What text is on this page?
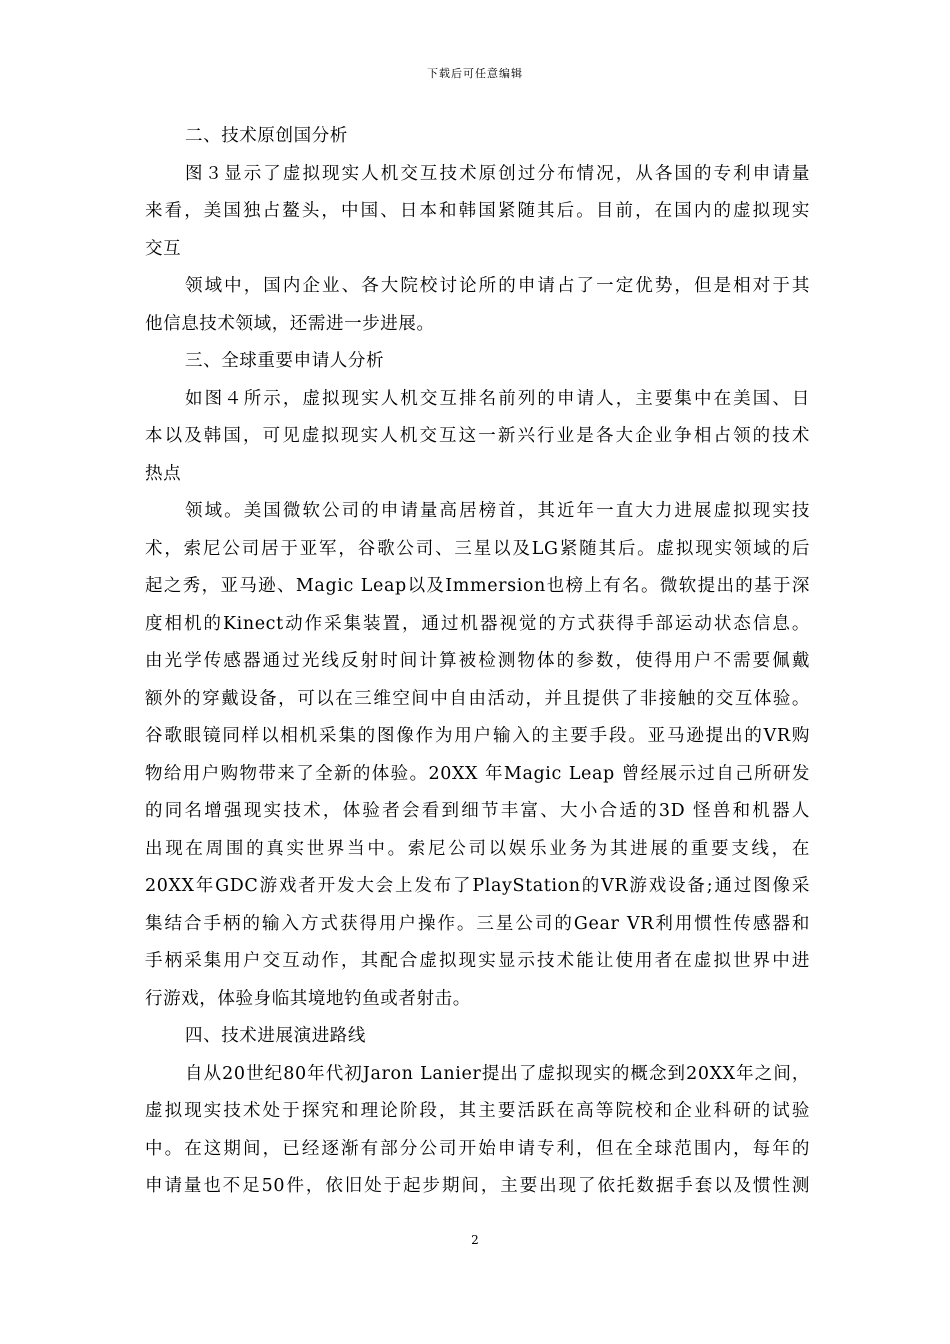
下载后可任意编辑
二、技术原创国分析
图３显示了虚拟现实人机交互技术原创过分布情况，从各国的专利申请量
来看，美国独占鳌头，中国、日本和韩国紧随其后。目前，在国内的虚拟现实
交互
领域中，国内企业、各大院校讨论所的申请占了一定优势，但是相对于其
他信息技术领域，还需进一步进展。
三、全球重要申请人分析
如图４所示，虚拟现实人机交互排名前列的申请人，主要集中在美国、日
本以及韩国，可见虚拟现实人机交互这一新兴行业是各大企业争相占领的技术
热点
领域。美国微软公司的申请量高居榜首，其近年一直大力进展虚拟现实技
术，索尼公司居于亚军，谷歌公司、三星以及LG紧随其后。虚拟现实领域的后
起之秀，亚马逊、Magic Leap以及Immersion也榜上有名。微软提出的基于深
度相机的Kinect动作采集装置，通过机器视觉的方式获得手部运动状态信息。
由光学传感器通过光线反射时间计算被检测物体的参数，使得用户不需要佩戴
额外的穿戴设备，可以在三维空间中自由活动，并且提供了非接触的交互体验。
谷歌眼镜同样以相机采集的图像作为用户输入的主要手段。亚马逊提出的VR购
物给用户购物带来了全新的体验。20XX 年Magic Leap 曾经展示过自己所研发
的同名增强现实技术，体验者会看到细节丰富、大小合适的3D 怪兽和机器人
出现在周围的真实世界当中。索尼公司以娱乐业务为其进展的重要支线，在
20XX年GDC游戏者开发大会上发布了PlayStation的VR游戏设备;通过图像采
集结合手柄的输入方式获得用户操作。三星公司的Gear VR利用惯性传感器和
手柄采集用户交互动作，其配合虚拟现实显示技术能让使用者在虚拟世界中进
行游戏，体验身临其境地钓鱼或者射击。
四、技术进展演进路线
自从20世纪80年代初Jaron Lanier提出了虚拟现实的概念到20XX年之间，
虚拟现实技术处于探究和理论阶段，其主要活跃在高等院校和企业科研的试验
中。在这期间，已经逐渐有部分公司开始申请专利，但在全球范围内，每年的
申请量也不足50件，依旧处于起步期间，主要出现了依托数据手套以及惯性测
2
